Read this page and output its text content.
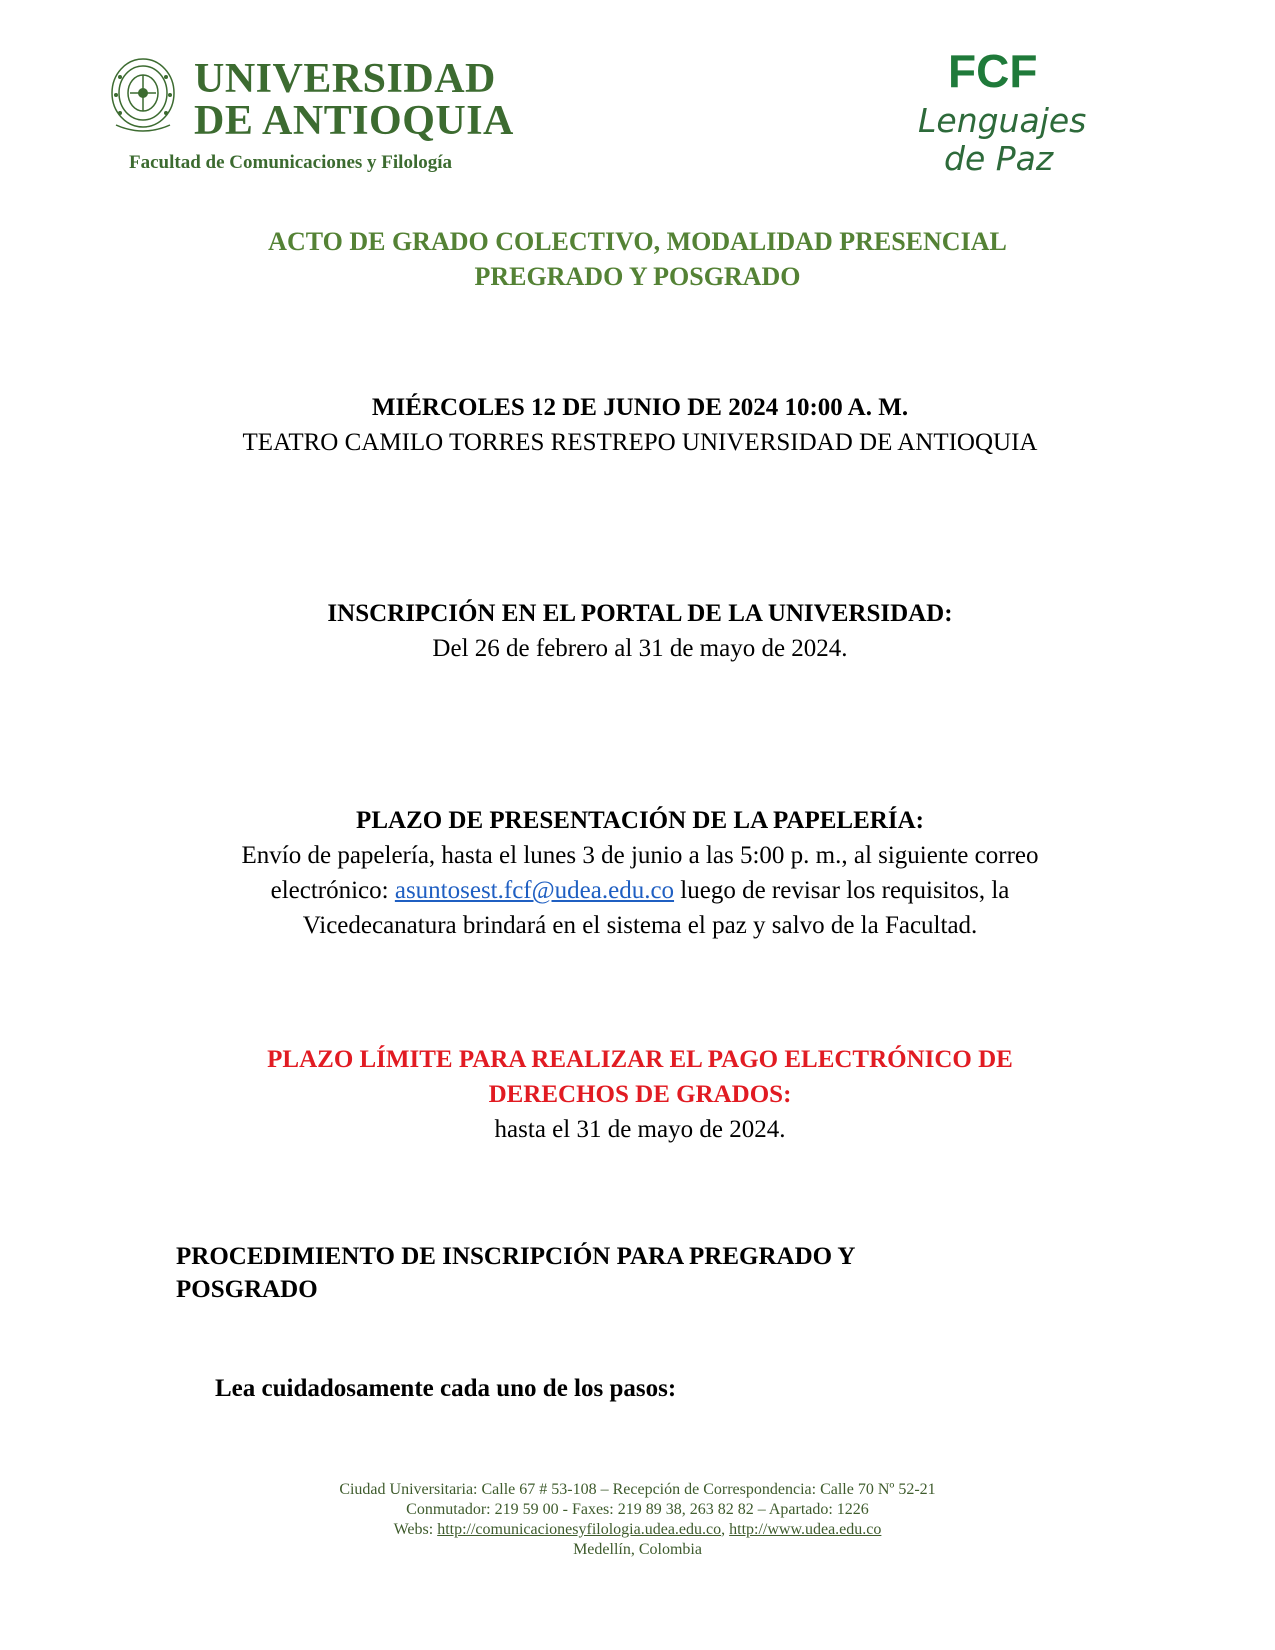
UNIVERSIDAD
DE ANTIOQUIA
Facultad de Comunicaciones y Filología
FCF
Lenguajes
de Paz
ACTO DE GRADO COLECTIVO, MODALIDAD PRESENCIAL
PREGRADO Y POSGRADO
MIÉRCOLES 12 DE JUNIO DE 2024 10:00 A. M.
TEATRO CAMILO TORRES RESTREPO UNIVERSIDAD DE ANTIOQUIA
INSCRIPCIÓN EN EL PORTAL DE LA UNIVERSIDAD:
Del 26 de febrero al 31 de mayo de 2024.
PLAZO DE PRESENTACIÓN DE LA PAPELERÍA:
Envío de papelería, hasta el lunes 3 de junio a las 5:00 p. m., al siguiente correo
electrónico: asuntosest.fcf@udea.edu.co luego de revisar los requisitos, la
Vicedecanatura brindará en el sistema el paz y salvo de la Facultad.
PLAZO LÍMITE PARA REALIZAR EL PAGO ELECTRÓNICO DE
DERECHOS DE GRADOS:
hasta el 31 de mayo de 2024.
PROCEDIMIENTO DE INSCRIPCIÓN PARA PREGRADO Y
POSGRADO
Lea cuidadosamente cada uno de los pasos:
Ciudad Universitaria: Calle 67 # 53-108 – Recepción de Correspondencia: Calle 70 Nº 52-21
Conmutador: 219 59 00 - Faxes: 219 89 38, 263 82 82 – Apartado: 1226
Webs: http://comunicacionesyfilologia.udea.edu.co, http://www.udea.edu.co
Medellín, Colombia
